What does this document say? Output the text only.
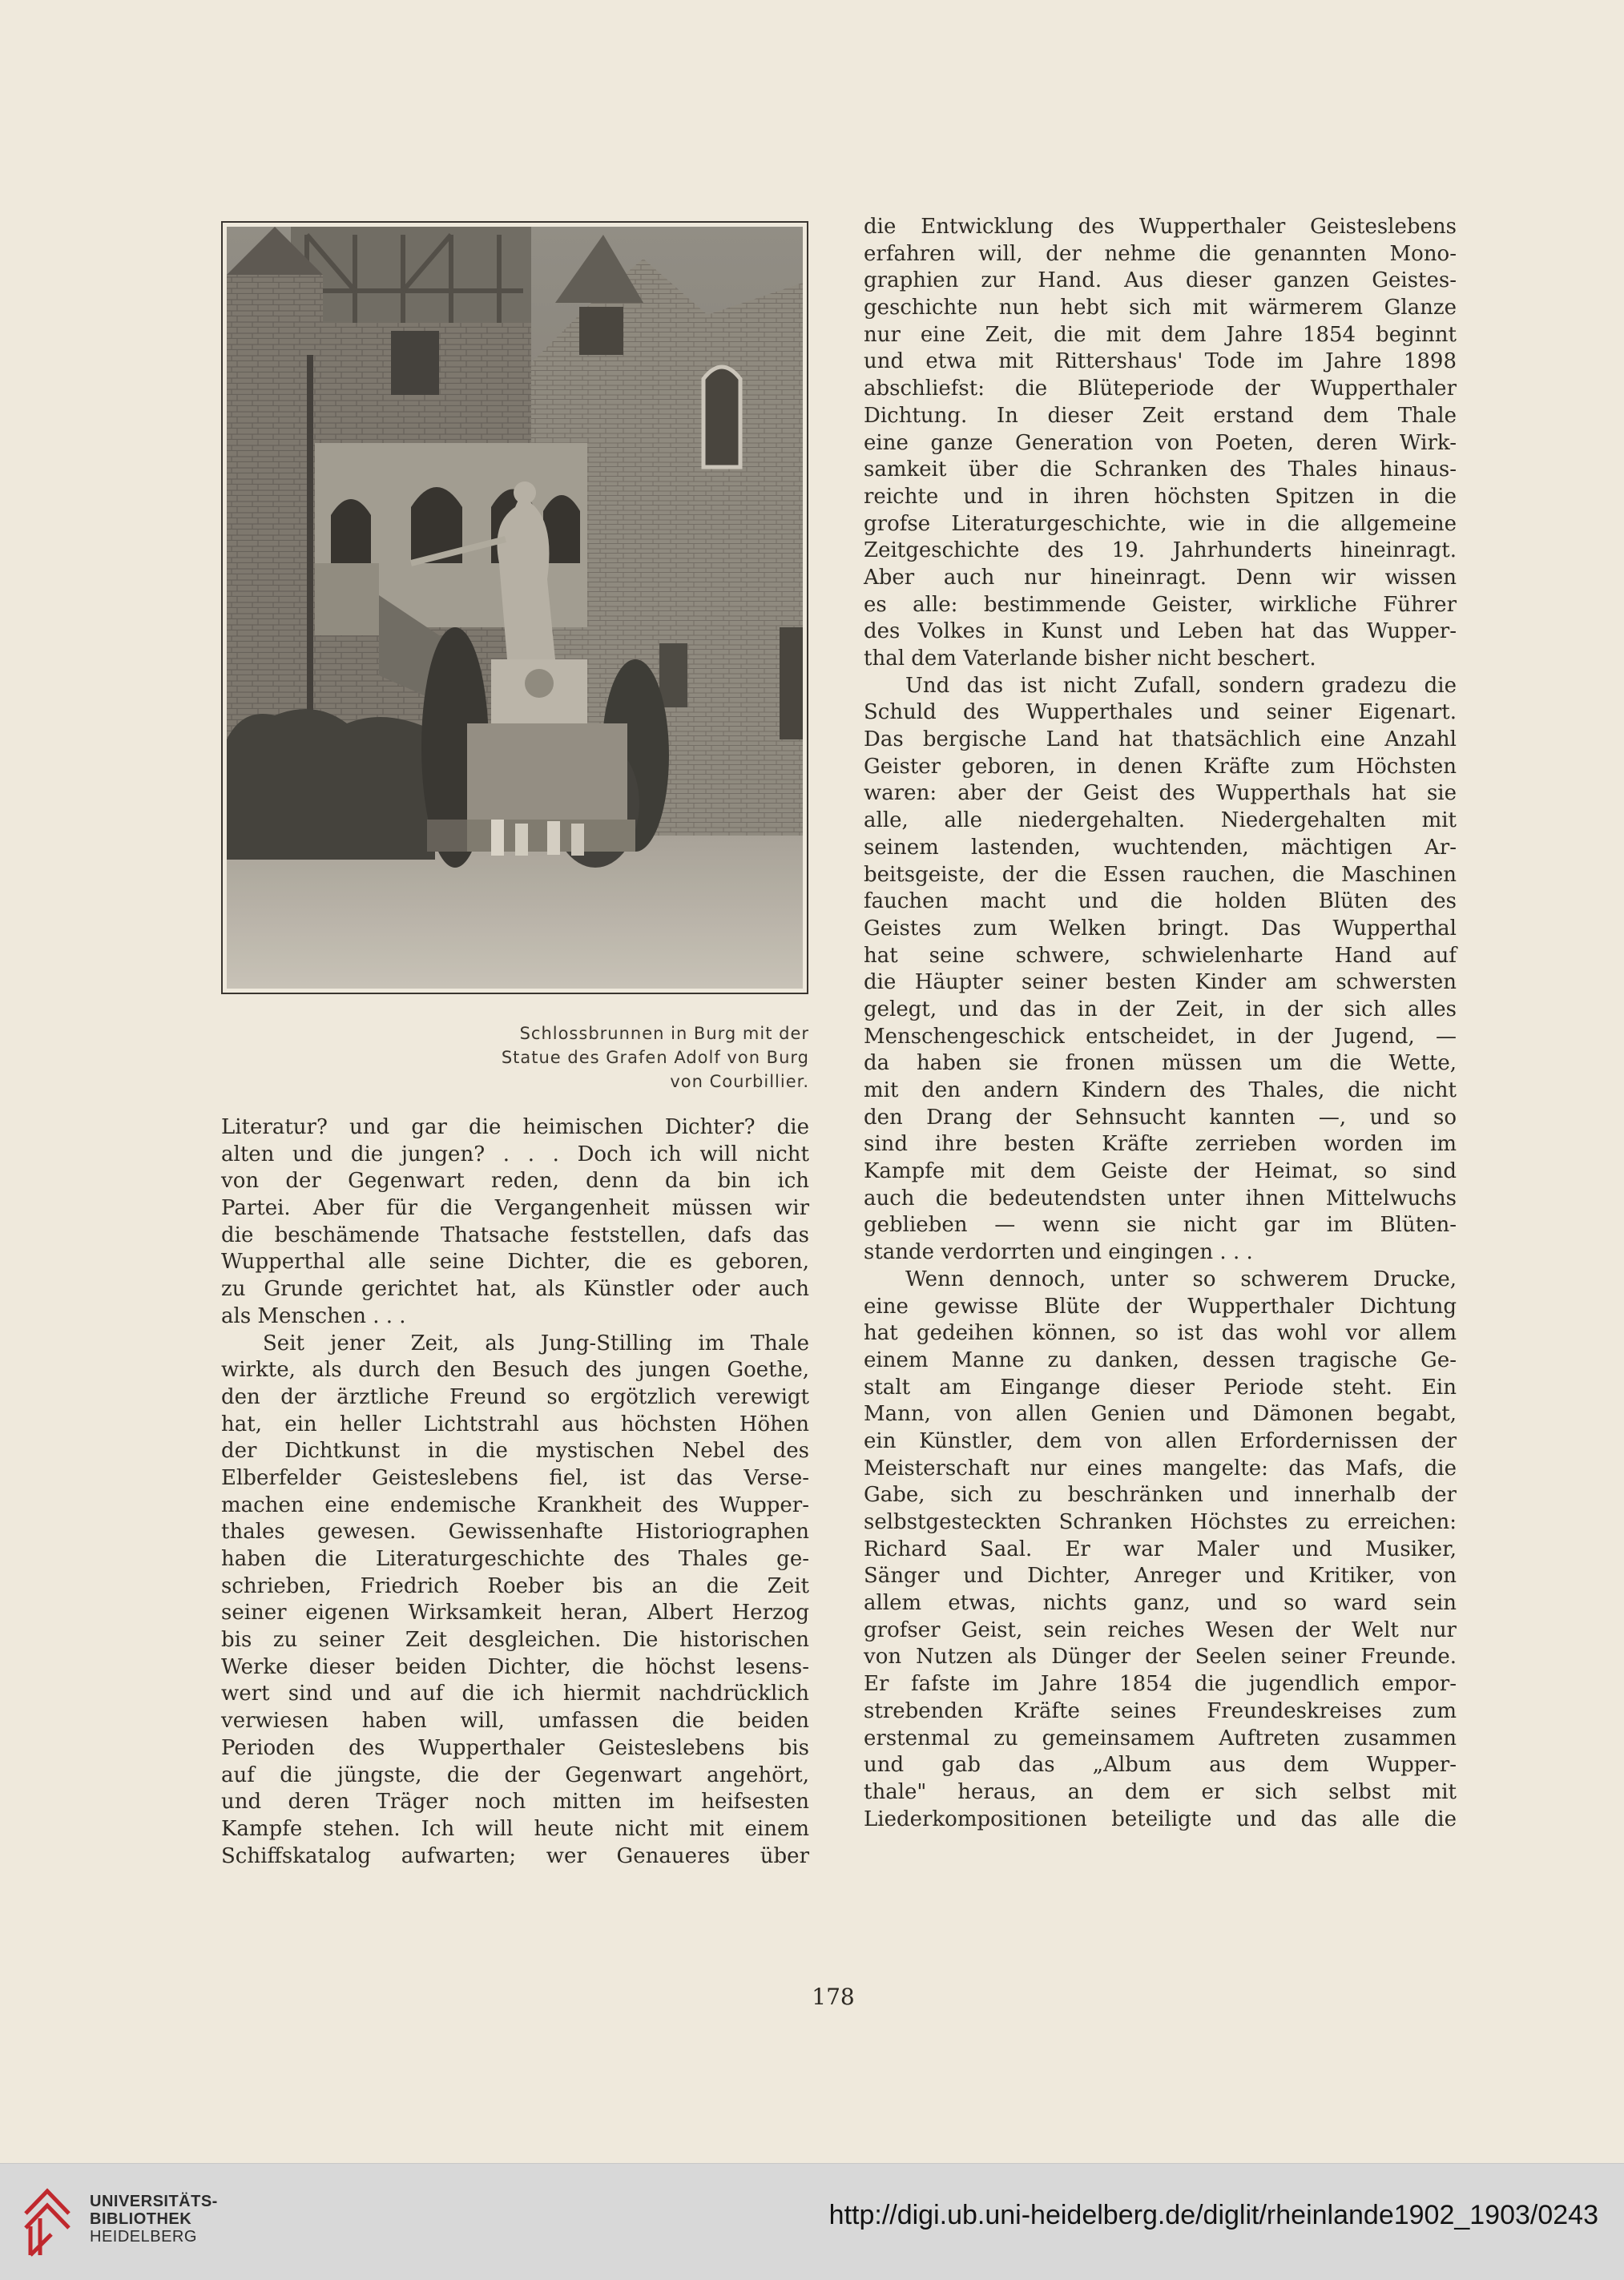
Schlossbrunnen in Burg mit der
Statue des Grafen Adolf von Burg
von Courbillier.
Literatur? und gar die heimischen Dichter? die
alten und die jungen? . . . Doch ich will nicht
von der Gegenwart reden, denn da bin ich
Partei. Aber für die Vergangenheit müssen wir
die beschämende Thatsache feststellen, dafs das
Wupperthal alle seine Dichter, die es geboren,
zu Grunde gerichtet hat, als Künstler oder auch
als Menschen . . .
Seit jener Zeit, als Jung-Stilling im Thale
wirkte, als durch den Besuch des jungen Goethe,
den der ärztliche Freund so ergötzlich verewigt
hat, ein heller Lichtstrahl aus höchsten Höhen
der Dichtkunst in die mystischen Nebel des
Elberfelder Geisteslebens fiel, ist das Verse-
machen eine endemische Krankheit des Wupper-
thales gewesen. Gewissenhafte Historiographen
haben die Literaturgeschichte des Thales ge-
schrieben, Friedrich Roeber bis an die Zeit
seiner eigenen Wirksamkeit heran, Albert Herzog
bis zu seiner Zeit desgleichen. Die historischen
Werke dieser beiden Dichter, die höchst lesens-
wert sind und auf die ich hiermit nachdrücklich
verwiesen haben will, umfassen die beiden
Perioden des Wupperthaler Geisteslebens bis
auf die jüngste, die der Gegenwart angehört,
und deren Träger noch mitten im heifsesten
Kampfe stehen. Ich will heute nicht mit einem
Schiffskatalog aufwarten; wer Genaueres über
die Entwicklung des Wupperthaler Geisteslebens
erfahren will, der nehme die genannten Mono-
graphien zur Hand. Aus dieser ganzen Geistes-
geschichte nun hebt sich mit wärmerem Glanze
nur eine Zeit, die mit dem Jahre 1854 beginnt
und etwa mit Rittershaus' Tode im Jahre 1898
abschliefst: die Blüteperiode der Wupperthaler
Dichtung. In dieser Zeit erstand dem Thale
eine ganze Generation von Poeten, deren Wirk-
samkeit über die Schranken des Thales hinaus-
reichte und in ihren höchsten Spitzen in die
grofse Literaturgeschichte, wie in die allgemeine
Zeitgeschichte des 19. Jahrhunderts hineinragt.
Aber auch nur hineinragt. Denn wir wissen
es alle: bestimmende Geister, wirkliche Führer
des Volkes in Kunst und Leben hat das Wupper-
thal dem Vaterlande bisher nicht beschert.
Und das ist nicht Zufall, sondern gradezu die
Schuld des Wupperthales und seiner Eigenart.
Das bergische Land hat thatsächlich eine Anzahl
Geister geboren, in denen Kräfte zum Höchsten
waren: aber der Geist des Wupperthals hat sie
alle, alle niedergehalten. Niedergehalten mit
seinem lastenden, wuchtenden, mächtigen Ar-
beitsgeiste, der die Essen rauchen, die Maschinen
fauchen macht und die holden Blüten des
Geistes zum Welken bringt. Das Wupperthal
hat seine schwere, schwielenharte Hand auf
die Häupter seiner besten Kinder am schwersten
gelegt, und das in der Zeit, in der sich alles
Menschengeschick entscheidet, in der Jugend, —
da haben sie fronen müssen um die Wette,
mit den andern Kindern des Thales, die nicht
den Drang der Sehnsucht kannten —, und so
sind ihre besten Kräfte zerrieben worden im
Kampfe mit dem Geiste der Heimat, so sind
auch die bedeutendsten unter ihnen Mittelwuchs
geblieben — wenn sie nicht gar im Blüten-
stande verdorrten und eingingen . . .
Wenn dennoch, unter so schwerem Drucke,
eine gewisse Blüte der Wupperthaler Dichtung
hat gedeihen können, so ist das wohl vor allem
einem Manne zu danken, dessen tragische Ge-
stalt am Eingange dieser Periode steht. Ein
Mann, von allen Genien und Dämonen begabt,
ein Künstler, dem von allen Erfordernissen der
Meisterschaft nur eines mangelte: das Mafs, die
Gabe, sich zu beschränken und innerhalb der
selbstgesteckten Schranken Höchstes zu erreichen:
Richard Saal. Er war Maler und Musiker,
Sänger und Dichter, Anreger und Kritiker, von
allem etwas, nichts ganz, und so ward sein
grofser Geist, sein reiches Wesen der Welt nur
von Nutzen als Dünger der Seelen seiner Freunde.
Er fafste im Jahre 1854 die jugendlich empor-
strebenden Kräfte seines Freundeskreises zum
erstenmal zu gemeinsamem Auftreten zusammen
und gab das „Album aus dem Wupper-
thale" heraus, an dem er sich selbst mit
Liederkompositionen beteiligte und das alle die
178
UNIVERSITÄTS-
BIBLIOTHEK
HEIDELBERG
http://digi.ub.uni-heidelberg.de/diglit/rheinlande1902_1903/0243
